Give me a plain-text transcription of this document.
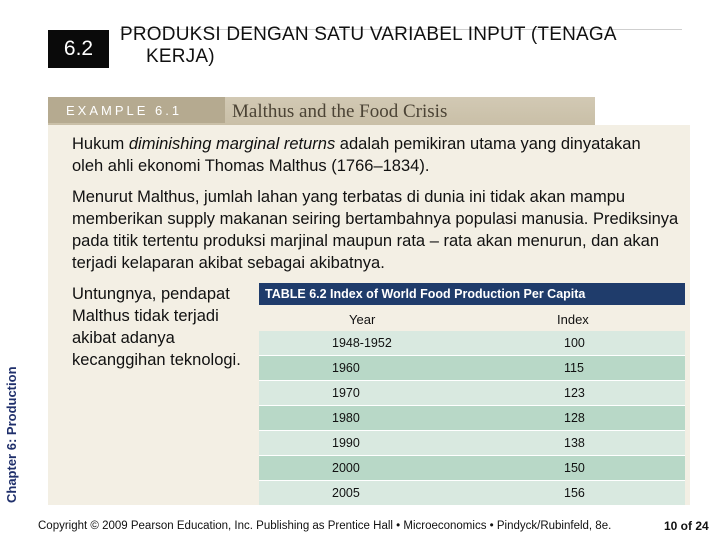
6.2
PRODUKSI DENGAN SATU VARIABEL INPUT (TENAGA
KERJA)
EXAMPLE 6.1	Malthus and the Food Crisis
Hukum diminishing marginal returns adalah pemikiran utama yang dinyatakan oleh ahli ekonomi Thomas Malthus (1766–1834).
Menurut Malthus, jumlah lahan yang terbatas di dunia ini tidak akan mampu memberikan supply makanan seiring bertambahnya populasi manusia. Prediksinya pada titik tertentu produksi marjinal maupun rata – rata akan menurun, dan akan terjadi kelaparan akibat sebagai akibatnya.
Untungnya, pendapat Malthus tidak terjadi akibat adanya kecanggihan teknologi.
Chapter 6: Production
TABLE 6.2 Index of World Food Production Per Capita
Year	Index
1948-1952	100
1960	115
1970	123
1980	128
1990	138
2000	150
2005	156
Copyright © 2009 Pearson Education, Inc. Publishing as Prentice Hall • Microeconomics • Pindyck/Rubinfeld, 8e.	10 of 24
